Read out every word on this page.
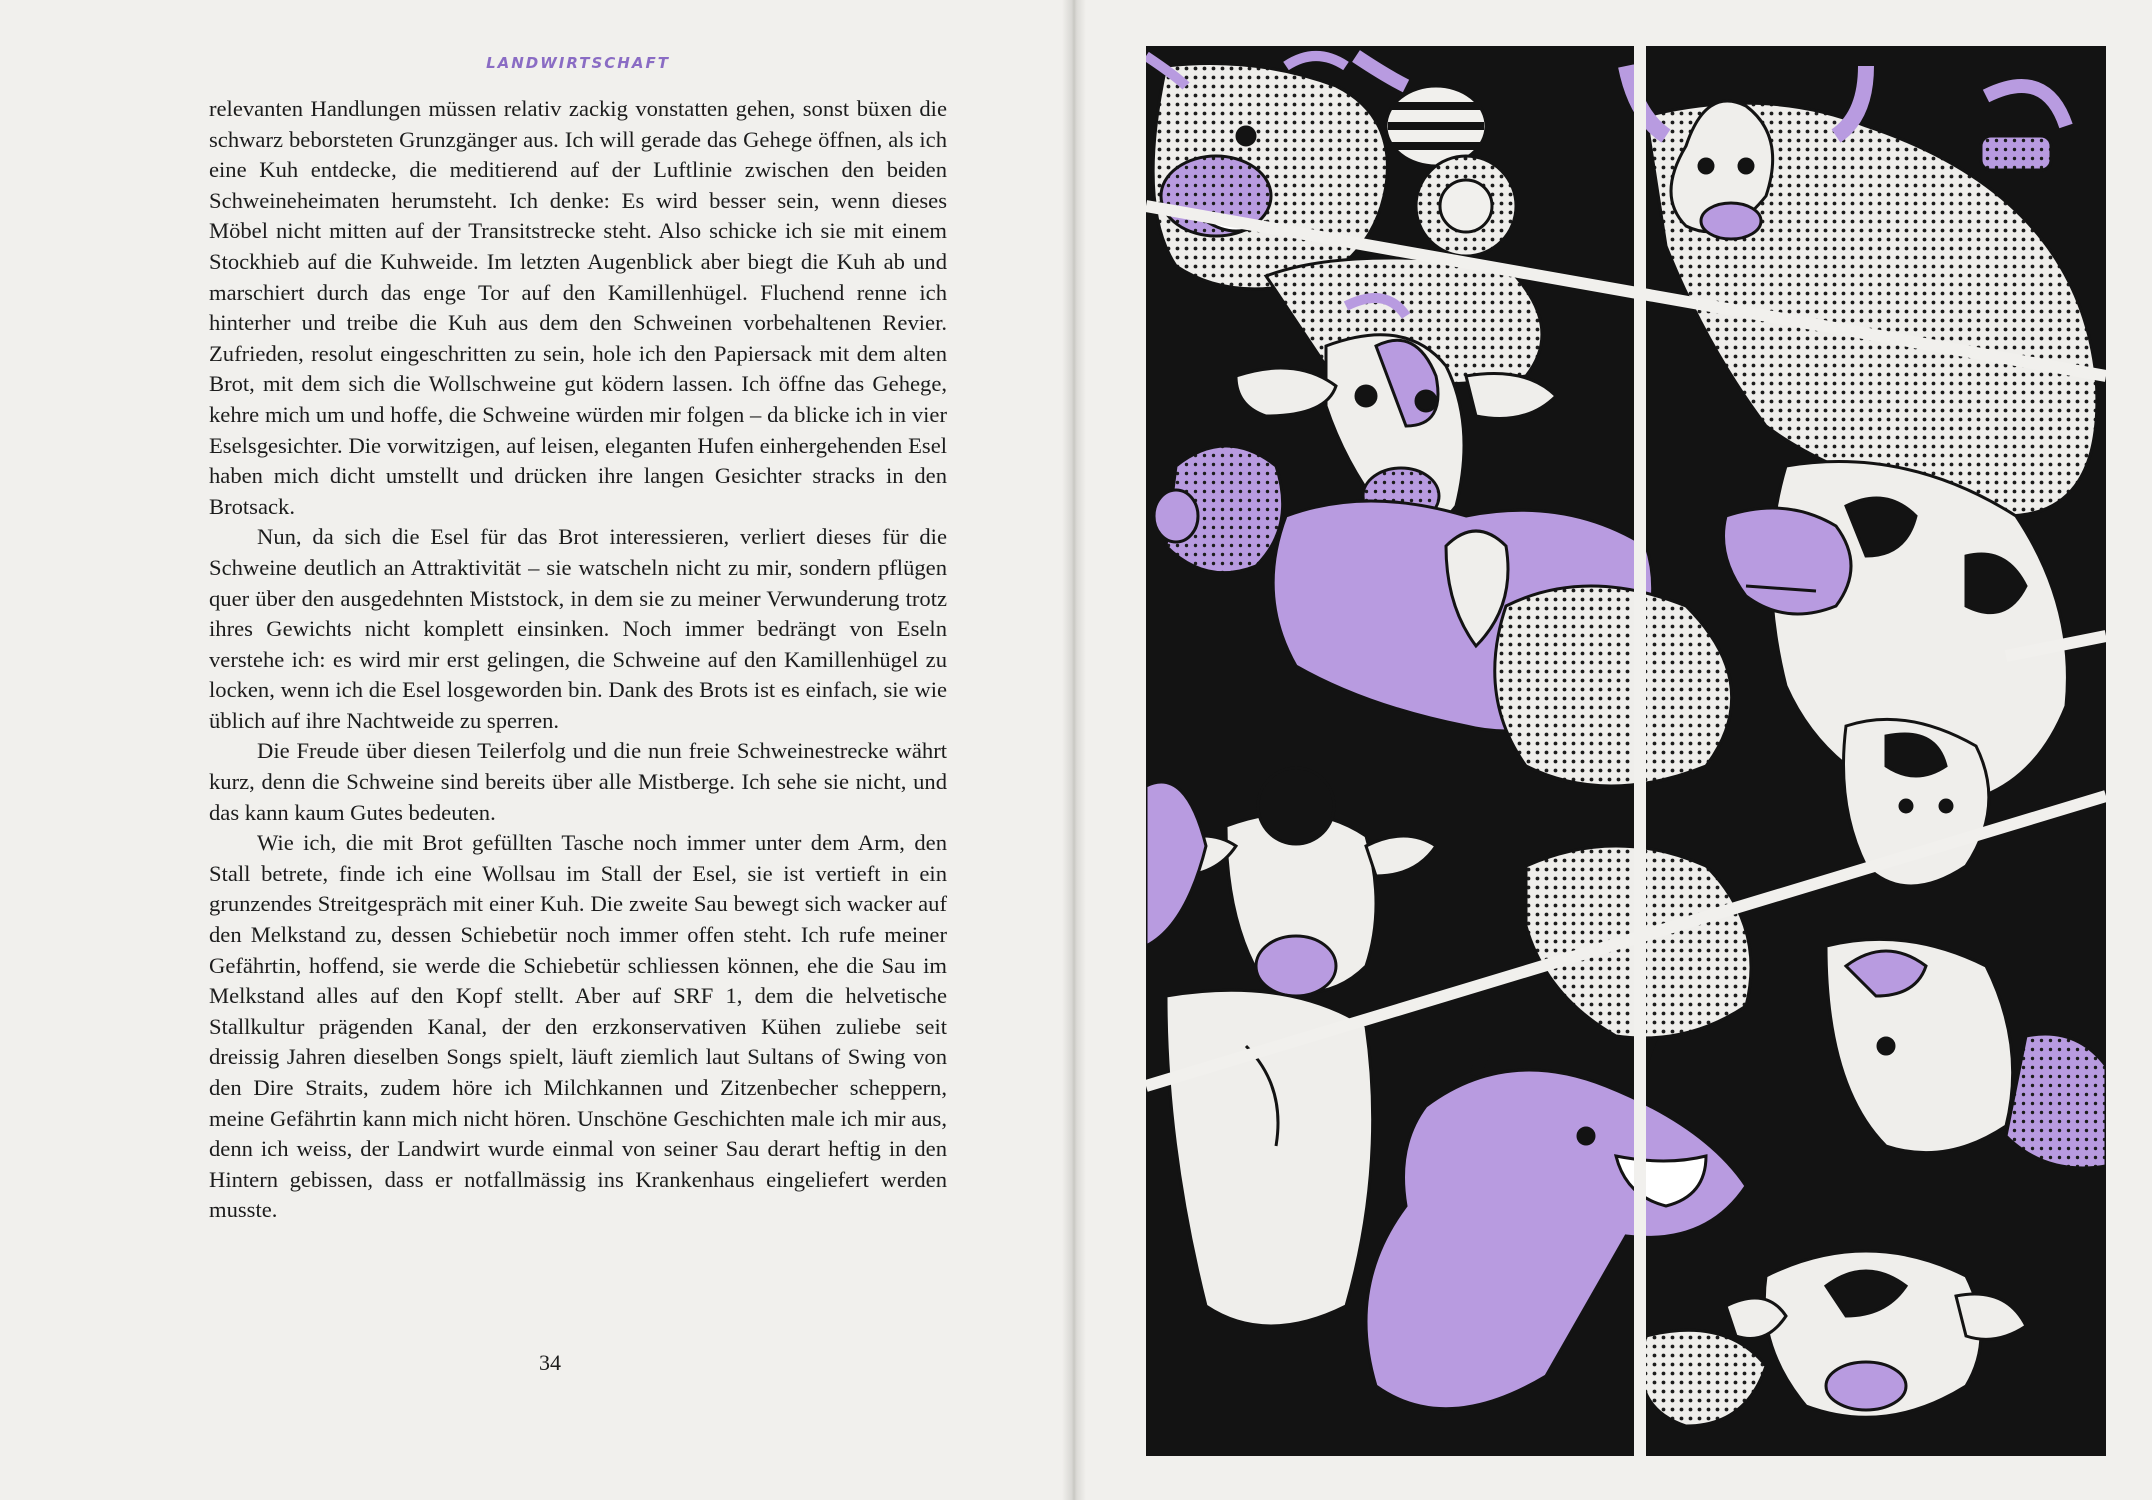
LANDWIRTSCHAFT

relevanten Handlungen müssen relativ zackig vonstatten gehen, sonst büxen die schwarz beborsteten Grunzgänger aus. Ich will gerade das Gehege öffnen, als ich eine Kuh entdecke, die meditierend auf der Luftlinie zwischen den beiden Schweineheimaten herumsteht. Ich denke: Es wird besser sein, wenn dieses Möbel nicht mitten auf der Transitstrecke steht. Also schicke ich sie mit einem Stockhieb auf die Kuhweide. Im letzten Augenblick aber biegt die Kuh ab und marschiert durch das enge Tor auf den Kamillenhügel. Fluchend renne ich hinterher und treibe die Kuh aus dem den Schweinen vorbehaltenen Revier. Zufrieden, resolut eingeschritten zu sein, hole ich den Papiersack mit dem alten Brot, mit dem sich die Wollschweine gut ködern lassen. Ich öffne das Gehege, kehre mich um und hoffe, die Schweine würden mir folgen – da blicke ich in vier Eselsgesichter. Die vorwitzigen, auf leisen, eleganten Hufen einhergehenden Esel haben mich dicht umstellt und drücken ihre langen Gesichter stracks in den Brotsack.

Nun, da sich die Esel für das Brot interessieren, verliert dieses für die Schweine deutlich an Attraktivität – sie watscheln nicht zu mir, sondern pflügen quer über den ausgedehnten Miststock, in dem sie zu meiner Verwunderung trotz ihres Gewichts nicht komplett einsinken. Noch immer bedrängt von Eseln verstehe ich: es wird mir erst gelingen, die Schweine auf den Kamillenhügel zu locken, wenn ich die Esel losgeworden bin. Dank des Brots ist es einfach, sie wie üblich auf ihre Nachtweide zu sperren.

Die Freude über diesen Teilerfolg und die nun freie Schweinestrecke währt kurz, denn die Schweine sind bereits über alle Mistberge. Ich sehe sie nicht, und das kann kaum Gutes bedeuten.

Wie ich, die mit Brot gefüllten Tasche noch immer unter dem Arm, den Stall betrete, finde ich eine Wollsau im Stall der Esel, sie ist vertieft in ein grunzendes Streitgespräch mit einer Kuh. Die zweite Sau bewegt sich wacker auf den Melkstand zu, dessen Schiebetür noch immer offen steht. Ich rufe meiner Gefährtin, hoffend, sie werde die Schiebetür schliessen können, ehe die Sau im Melkstand alles auf den Kopf stellt. Aber auf SRF 1, dem die helvetische Stallkultur prägenden Kanal, der den erzkonservativen Kühen zuliebe seit dreissig Jahren dieselben Songs spielt, läuft ziemlich laut Sultans of Swing von den Dire Straits, zudem höre ich Milchkannen und Zitzenbecher scheppern, meine Gefährtin kann mich nicht hören. Unschöne Geschichten male ich mir aus, denn ich weiss, der Landwirt wurde einmal von seiner Sau derart heftig in den Hintern gebissen, dass er notfallmässig ins Krankenhaus eingeliefert werden musste.

34
